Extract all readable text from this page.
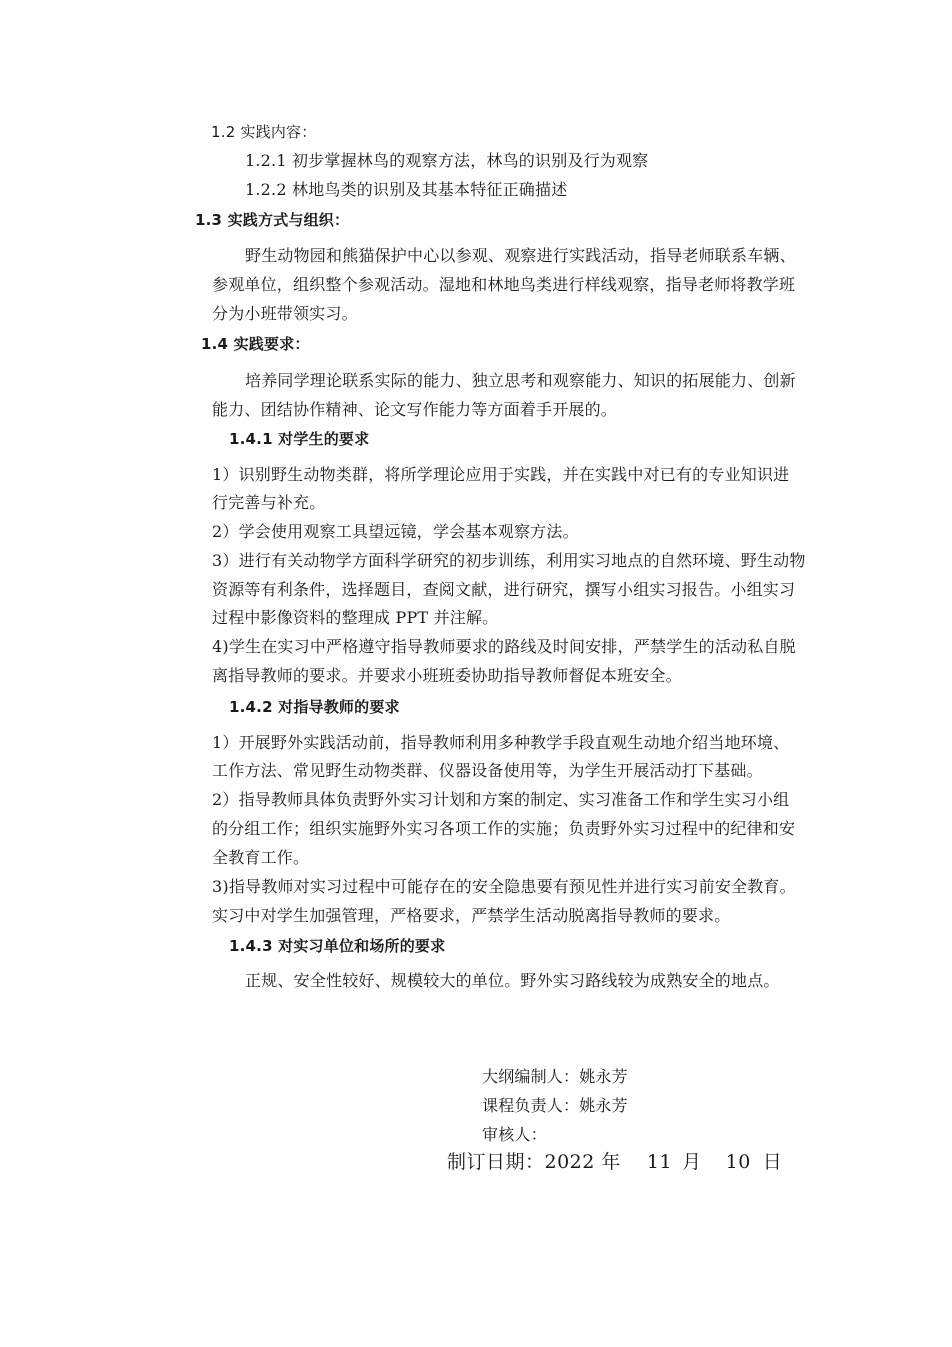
1.2 实践内容：
1.2.1 初步掌握林鸟的观察方法，林鸟的识别及行为观察
1.2.2 林地鸟类的识别及其基本特征正确描述
1.3 实践方式与组织：
野生动物园和熊猫保护中心以参观、观察进行实践活动，指导老师联系车辆、
参观单位，组织整个参观活动。湿地和林地鸟类进行样线观察，指导老师将教学班
分为小班带领实习。
1.4 实践要求：
培养同学理论联系实际的能力、独立思考和观察能力、知识的拓展能力、创新
能力、团结协作精神、论文写作能力等方面着手开展的。
1.4.1 对学生的要求
1）识别野生动物类群，将所学理论应用于实践，并在实践中对已有的专业知识进
行完善与补充。
2）学会使用观察工具望远镜，学会基本观察方法。
3）进行有关动物学方面科学研究的初步训练，利用实习地点的自然环境、野生动物
资源等有利条件，选择题目，查阅文献，进行研究，撰写小组实习报告。小组实习
过程中影像资料的整理成 PPT 并注解。
4)学生在实习中严格遵守指导教师要求的路线及时间安排，严禁学生的活动私自脱
离指导教师的要求。并要求小班班委协助指导教师督促本班安全。
1.4.2 对指导教师的要求
1）开展野外实践活动前，指导教师利用多种教学手段直观生动地介绍当地环境、
工作方法、常见野生动物类群、仪器设备使用等，为学生开展活动打下基础。
2）指导教师具体负责野外实习计划和方案的制定、实习准备工作和学生实习小组
的分组工作；组织实施野外实习各项工作的实施；负责野外实习过程中的纪律和安
全教育工作。
3)指导教师对实习过程中可能存在的安全隐患要有预见性并进行实习前安全教育。
实习中对学生加强管理，严格要求，严禁学生活动脱离指导教师的要求。
1.4.3 对实习单位和场所的要求
正规、安全性较好、规模较大的单位。野外实习路线较为成熟安全的地点。
大纲编制人：姚永芳
课程负责人：姚永芳
审核人：
制订日期：2022 年 11 月 10 日
